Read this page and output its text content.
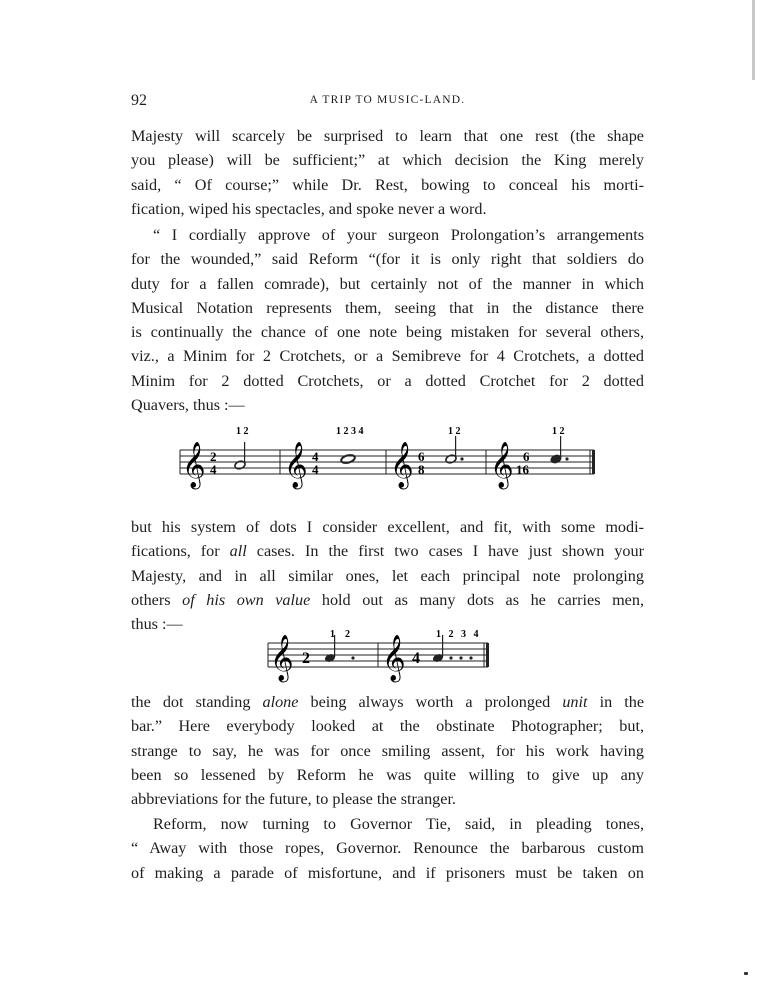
92	A TRIP TO MUSIC-LAND.
Majesty will scarcely be surprised to learn that one rest (the shape
you please) will be sufficient;” at which decision the King merely
said, “ Of course;” while Dr. Rest, bowing to conceal his morti-
fication, wiped his spectacles, and spoke never a word.
“ I cordially approve of your surgeon Prolongation’s arrangements
for the wounded,” said Reform “(for it is only right that soldiers do
duty for a fallen comrade), but certainly not of the manner in which
Musical Notation represents them, seeing that in the distance there
is continually the chance of one note being mistaken for several others,
viz., a Minim for 2 Crotchets, or a Semibreve for 4 Crotchets, a dotted
Minim for 2 dotted Crotchets, or a dotted Crotchet for 2 dotted
Quavers, thus :—
𝄞 2
4
1 2
𝄞 4
4
1 2 3 4
𝄞 6
8
1 2
𝄞 6
16
1 2
but his system of dots I consider excellent, and fit, with some modi-
fications, for all cases. In the first two cases I have just shown your
Majesty, and in all similar ones, let each principal note prolonging
others of his own value hold out as many dots as he carries men,
thus :—
𝄞 2
1    2
𝄞 4
1   2   3   4
the dot standing alone being always worth a prolonged unit in the
bar.” Here everybody looked at the obstinate Photographer; but,
strange to say, he was for once smiling assent, for his work having
been so lessened by Reform he was quite willing to give up any
abbreviations for the future, to please the stranger.
Reform, now turning to Governor Tie, said, in pleading tones,
“ Away with those ropes, Governor. Renounce the barbarous custom
of making a parade of misfortune, and if prisoners must be taken on
